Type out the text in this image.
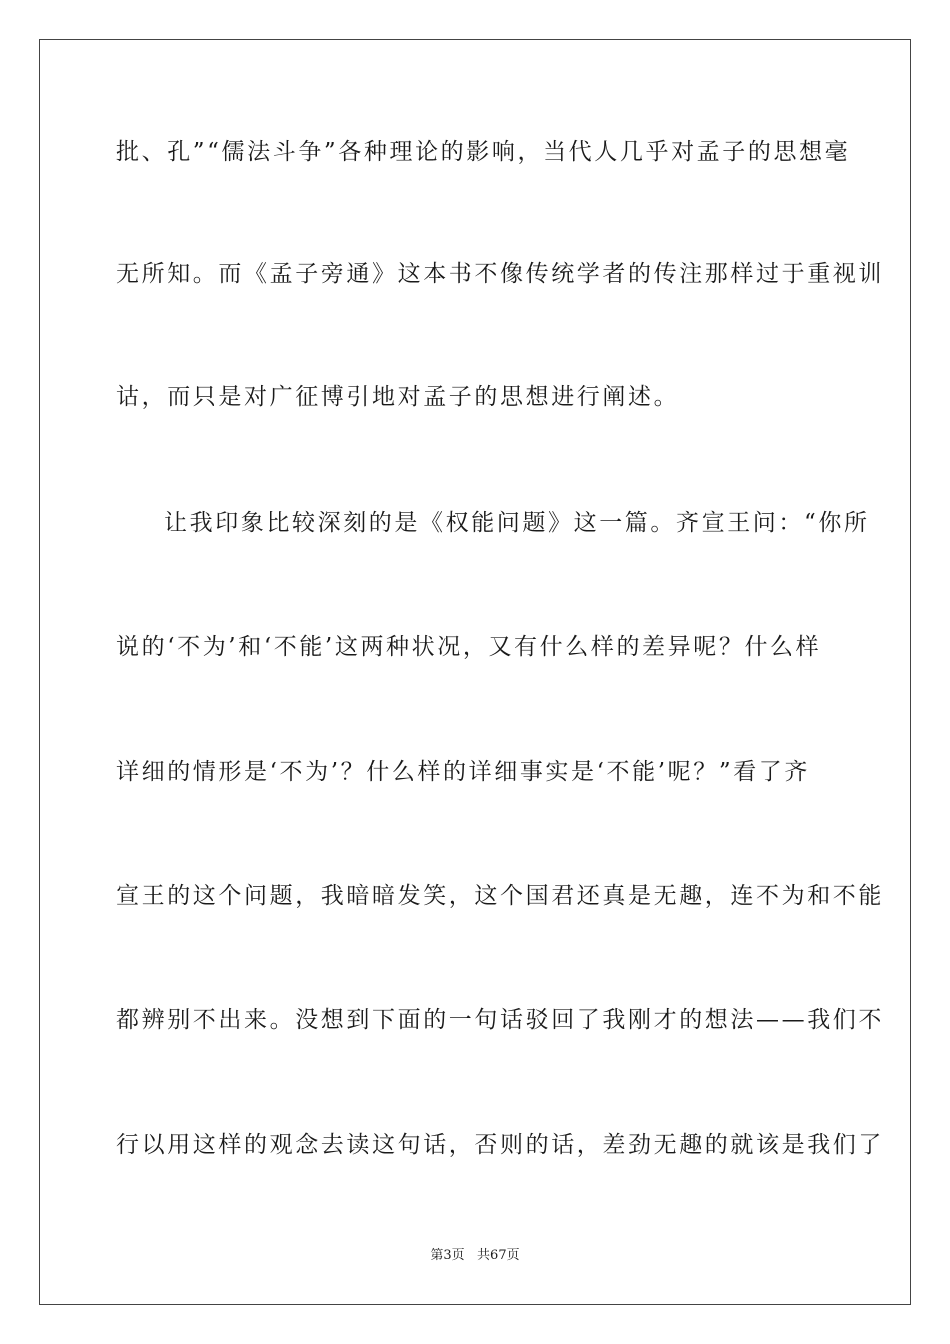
批、孔”“儒法斗争”各种理论的影响，当代人几乎对孟子的思想毫
无所知。而《孟子旁通》这本书不像传统学者的传注那样过于重视训
诂，而只是对广征博引地对孟子的思想进行阐述。
让我印象比较深刻的是《权能问题》这一篇。齐宣王问：“你所
说的‘不为’和‘不能’这两种状况，又有什么样的差异呢？什么样
详细的情形是‘不为’？什么样的详细事实是‘不能’呢？”看了齐
宣王的这个问题，我暗暗发笑，这个国君还真是无趣，连不为和不能
都辨别不出来。没想到下面的一句话驳回了我刚才的想法——我们不
行以用这样的观念去读这句话，否则的话，差劲无趣的就该是我们了
第3页   共67页
